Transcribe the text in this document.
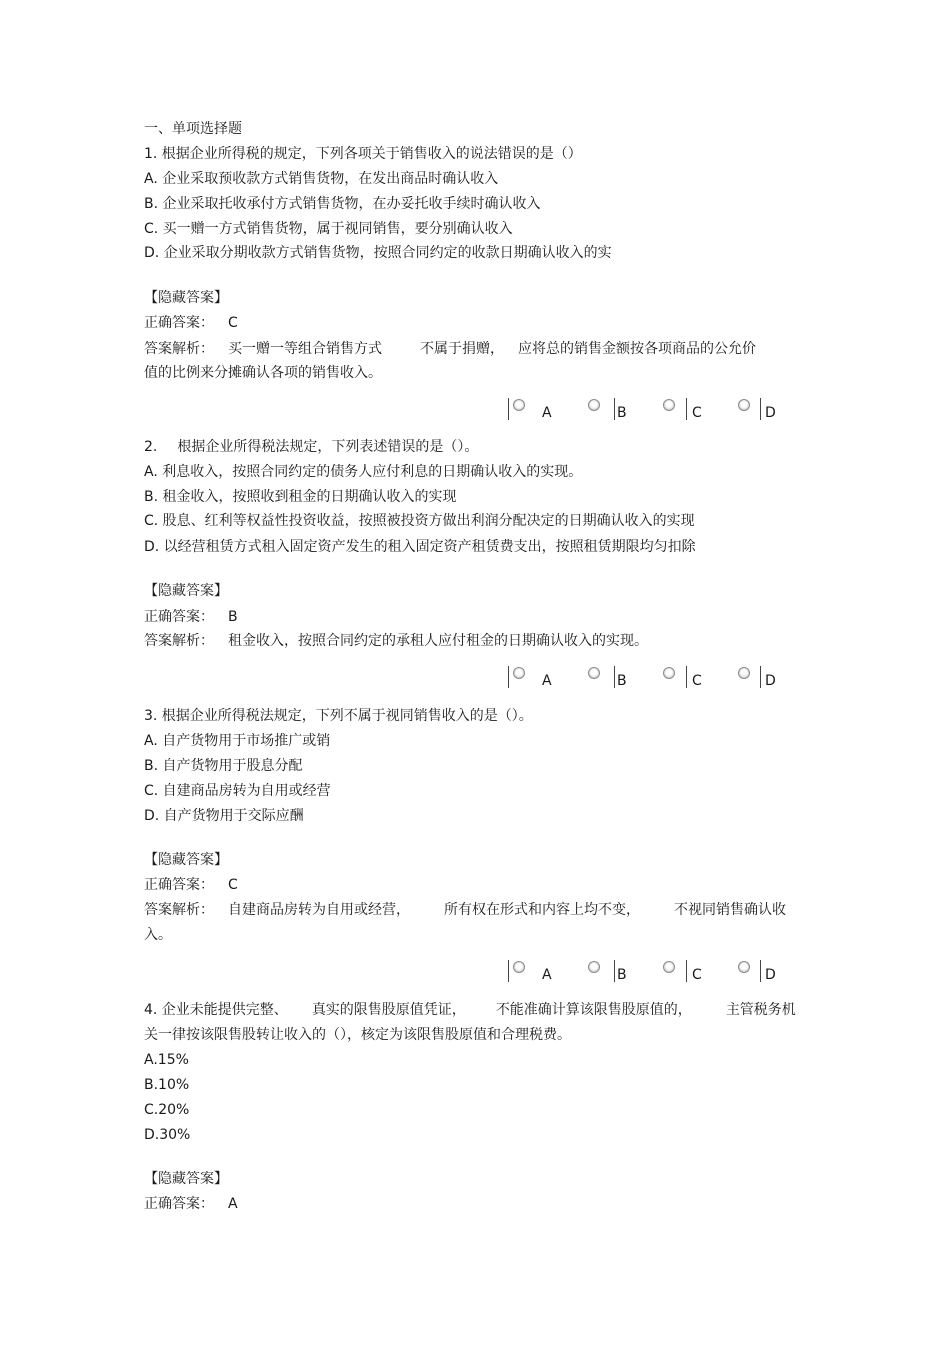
一、单项选择题
1. 根据企业所得税的规定，下列各项关于销售收入的说法错误的是（）
A. 企业采取预收款方式销售货物，在发出商品时确认收入
B. 企业采取托收承付方式销售货物，在办妥托收手续时确认收入
C. 买一赠一方式销售货物，属于视同销售，要分别确认收入
D. 企业采取分期收款方式销售货物，按照合同约定的收款日期确认收入的实
【隐藏答案】
正确答案： C
答案解析： 买一赠一等组合销售方式	不属于捐赠， 应将总的销售金额按各项商品的公允价
值的比例来分摊确认各项的销售收入。
A	B	C	D
2. 根据企业所得税法规定，下列表述错误的是（）。
A. 利息收入，按照合同约定的债务人应付利息的日期确认收入的实现。
B. 租金收入，按照收到租金的日期确认收入的实现
C. 股息、红利等权益性投资收益，按照被投资方做出利润分配决定的日期确认收入的实现
D. 以经营租赁方式租入固定资产发生的租入固定资产租赁费支出，按照租赁期限均匀扣除
【隐藏答案】
正确答案： B
答案解析： 租金收入，按照合同约定的承租人应付租金的日期确认收入的实现。
A	B	C	D
3. 根据企业所得税法规定，下列不属于视同销售收入的是（）。
A. 自产货物用于市场推广或销
B. 自产货物用于股息分配
C. 自建商品房转为自用或经营
D. 自产货物用于交际应酬
【隐藏答案】
正确答案： C
答案解析： 自建商品房转为自用或经营， 所有权在形式和内容上均不变， 不视同销售确认收
入。
A	B	C	D
4. 企业未能提供完整、 真实的限售股原值凭证， 不能准确计算该限售股原值的， 主管税务机
关一律按该限售股转让收入的（），核定为该限售股原值和合理税费。
A.15%
B.10%
C.20%
D.30%
【隐藏答案】
正确答案： A
